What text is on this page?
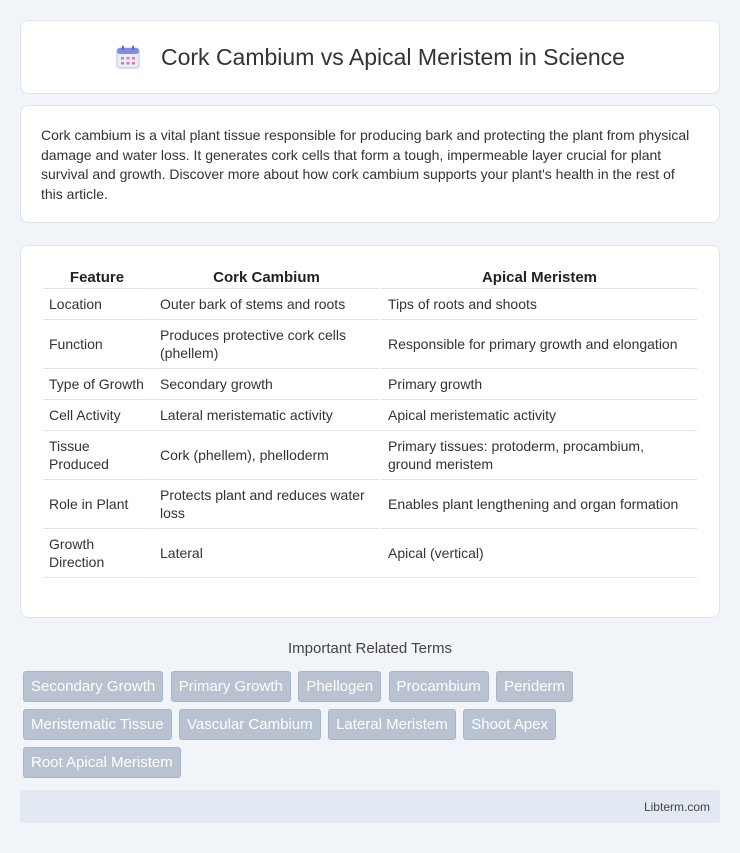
Cork Cambium vs Apical Meristem in Science

Cork cambium is a vital plant tissue responsible for producing bark and protecting the plant from physical damage and water loss. It generates cork cells that form a tough, impermeable layer crucial for plant survival and growth. Discover more about how cork cambium supports your plant's health in the rest of this article.

Feature	Cork Cambium	Apical Meristem
Location	Outer bark of stems and roots	Tips of roots and shoots
Function	Produces protective cork cells (phellem)	Responsible for primary growth and elongation
Type of Growth	Secondary growth	Primary growth
Cell Activity	Lateral meristematic activity	Apical meristematic activity
Tissue Produced	Cork (phellem), phelloderm	Primary tissues: protoderm, procambium, ground meristem
Role in Plant	Protects plant and reduces water loss	Enables plant lengthening and organ formation
Growth Direction	Lateral	Apical (vertical)
Important Related Terms
Secondary Growth Primary Growth Phellogen Procambium Periderm Meristematic Tissue Vascular Cambium Lateral Meristem Shoot Apex Root Apical Meristem
Libterm.com
